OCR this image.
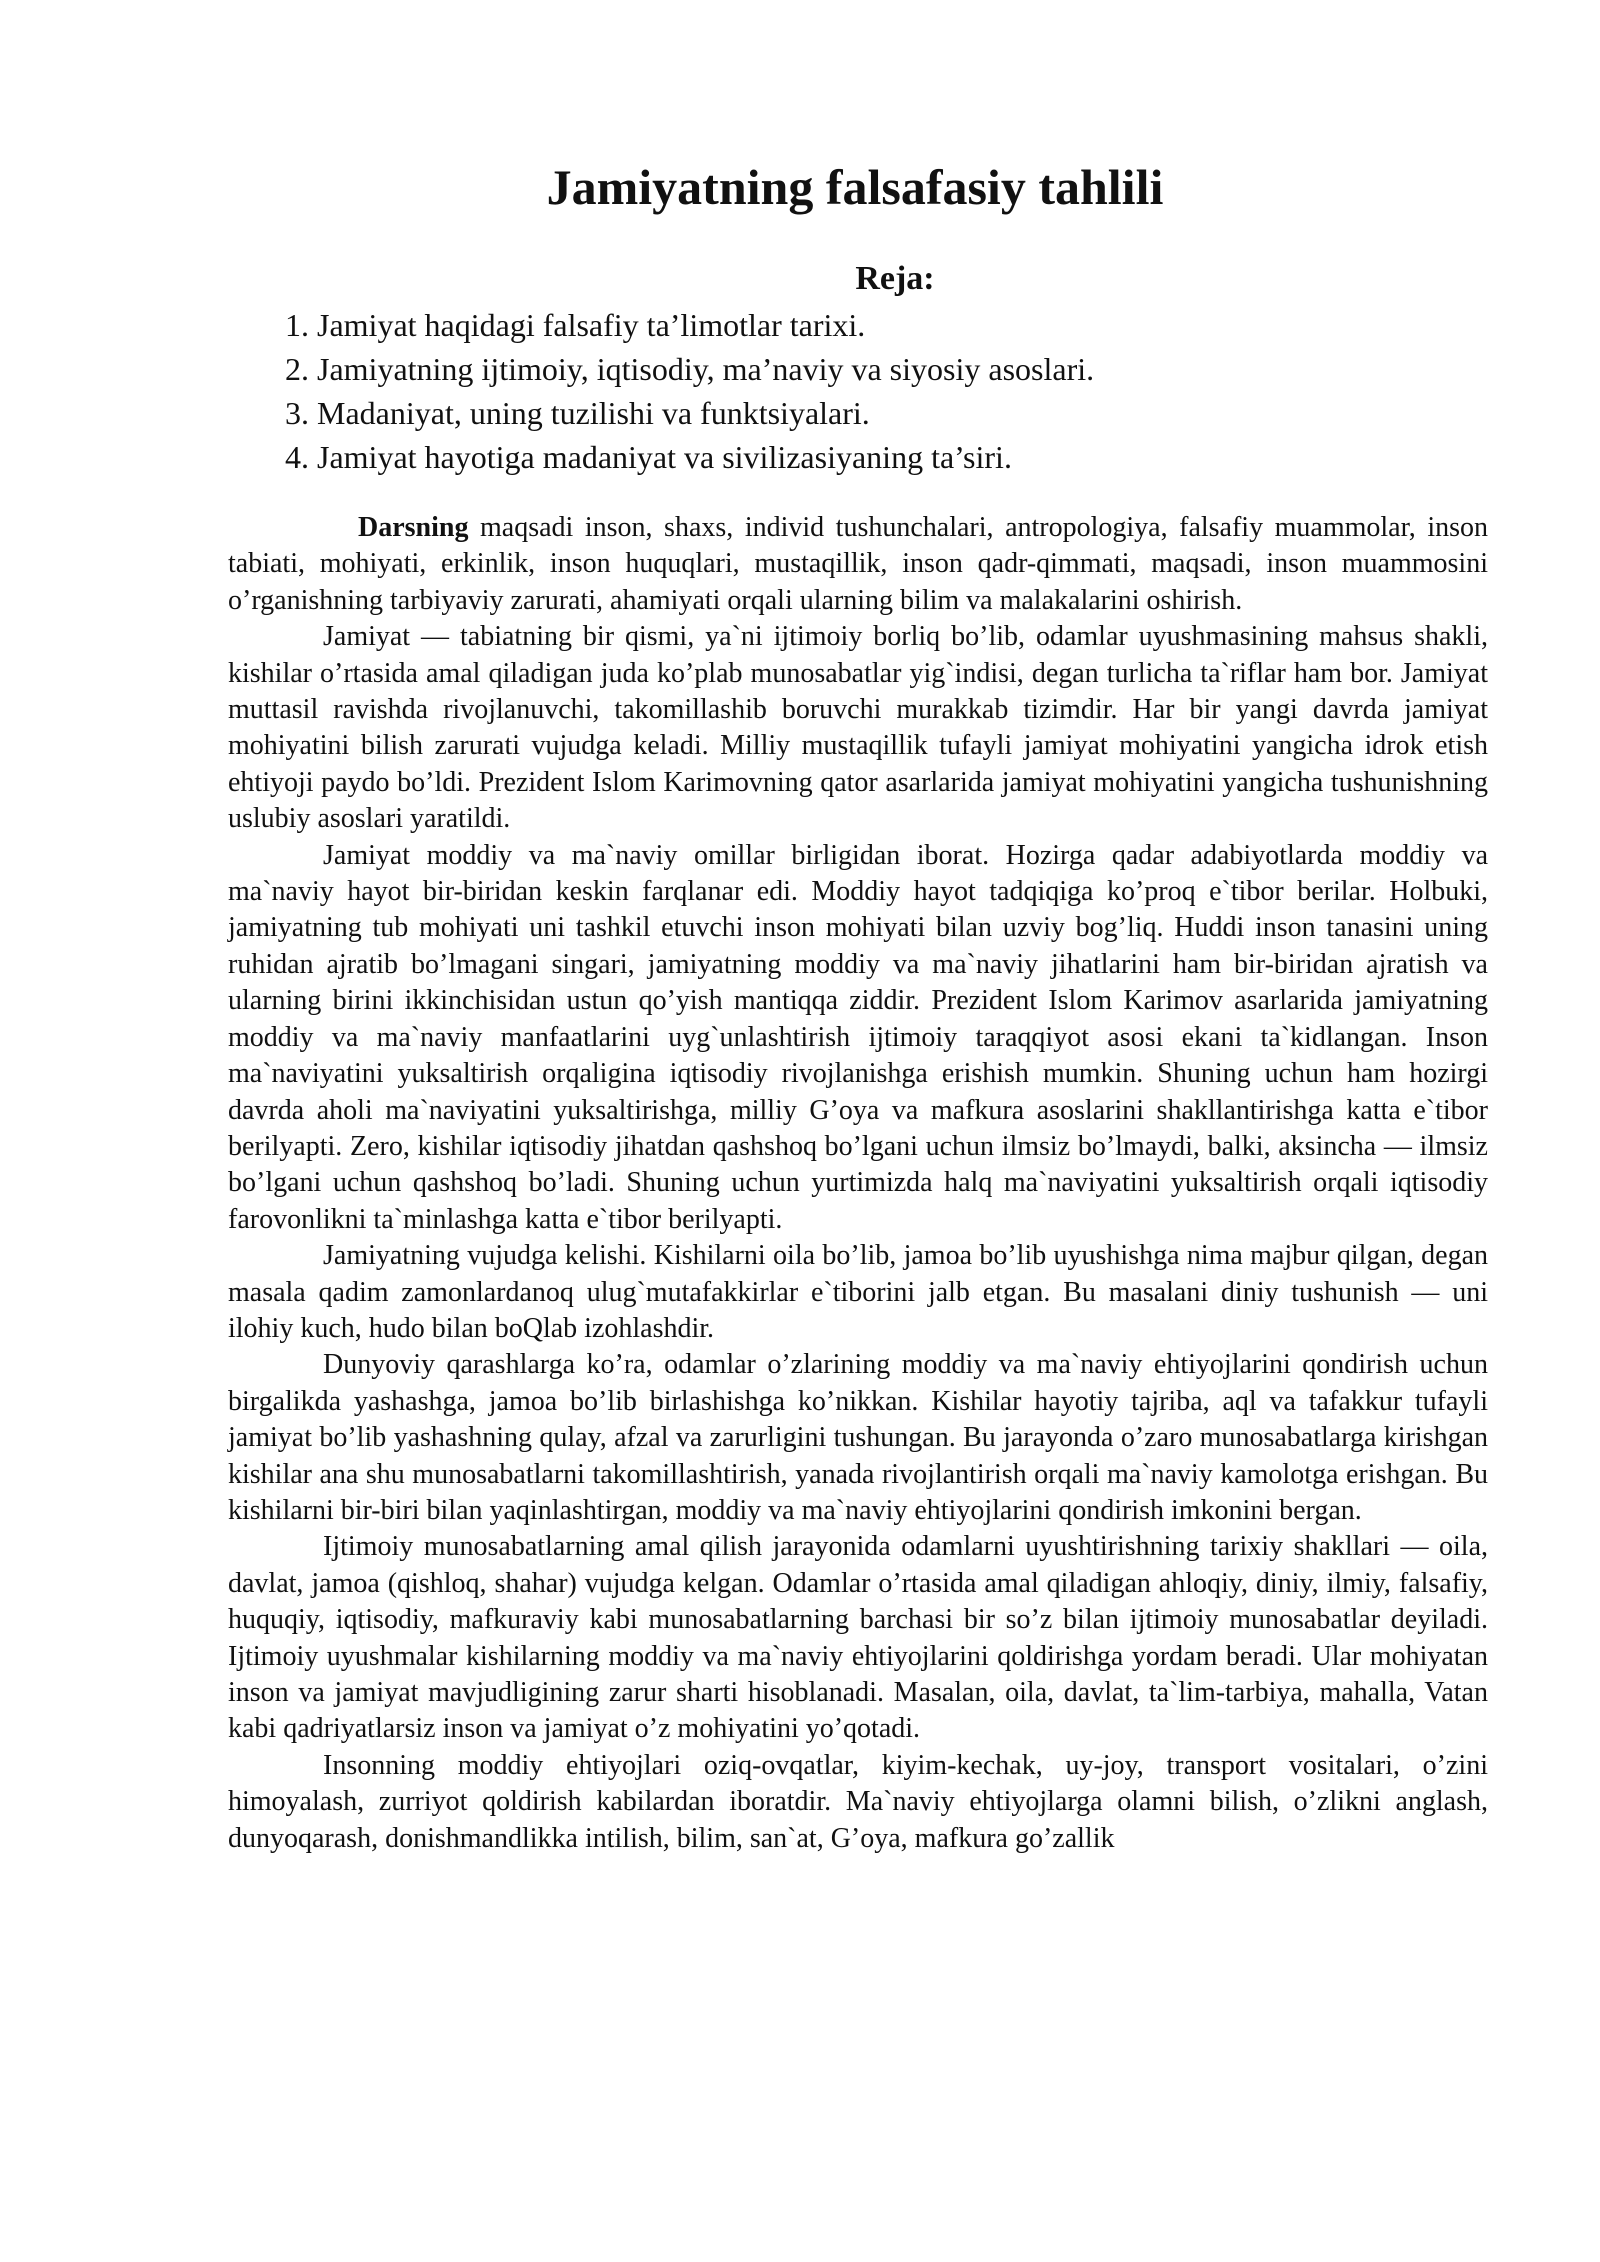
Jamiyatning falsafasiy tahlili
Reja:
1. Jamiyat haqidagi falsafiy ta’limotlar tarixi.
2. Jamiyatning ijtimoiy, iqtisodiy, ma’naviy va siyosiy asoslari.
3. Madaniyat, uning tuzilishi va funktsiyalari.
4. Jamiyat hayotiga madaniyat va sivilizasiyaning ta’siri.

Darsning maqsadi inson, shaxs, individ tushunchalari, antropologiya, falsafiy muammolar, inson tabiati, mohiyati, erkinlik, inson huquqlari, mustaqillik, inson qadr-qimmati, maqsadi, inson muammosini o’rganishning tarbiyaviy zarurati, ahamiyati orqali ularning bilim va malakalarini oshirish.

Jamiyat — tabiatning bir qismi, ya`ni ijtimoiy borliq bo’lib, odamlar uyushmasining mahsus shakli, kishilar o’rtasida amal qiladigan juda ko’plab munosabatlar yig`indisi, degan turlicha ta`riflar ham bor. Jamiyat muttasil ravishda rivojlanuvchi, takomillashib boruvchi murakkab tizimdir. Har bir yangi davrda jamiyat mohiyatini bilish zarurati vujudga keladi. Milliy mustaqillik tufayli jamiyat mohiyatini yangicha idrok etish ehtiyoji paydo bo’ldi. Prezident Islom Karimovning qator asarlarida jamiyat mohiyatini yangicha tushunishning uslubiy asoslari yaratildi.

Jamiyat moddiy va ma`naviy omillar birligidan iborat. Hozirga qadar adabiyotlarda moddiy va ma`naviy hayot bir-biridan keskin farqlanar edi. Moddiy hayot tadqiqiga ko’proq e`tibor berilar. Holbuki, jamiyatning tub mohiyati uni tashkil etuvchi inson mohiyati bilan uzviy bog’liq. Huddi inson tanasini uning ruhidan ajratib bo’lmagani singari, jamiyatning moddiy va ma`naviy jihatlarini ham bir-biridan ajratish va ularning birini ikkinchisidan ustun qo’yish mantiqqa ziddir. Prezident Islom Karimov asarlarida jamiyatning moddiy va ma`naviy manfaatlarini uyg`unlashtirish ijtimoiy taraqqiyot asosi ekani ta`kidlangan. Inson ma`naviyatini yuksaltirish orqaligina iqtisodiy rivojlanishga erishish mumkin. Shuning uchun ham hozirgi davrda aholi ma`naviyatini yuksaltirishga, milliy G’oya va mafkura asoslarini shakllantirishga katta e`tibor berilyapti. Zero, kishilar iqtisodiy jihatdan qashshoq bo’lgani uchun ilmsiz bo’lmaydi, balki, aksincha — ilmsiz bo’lgani uchun qashshoq bo’ladi. Shuning uchun yurtimizda halq ma`naviyatini yuksaltirish orqali iqtisodiy farovonlikni ta`minlashga katta e`tibor berilyapti.

Jamiyatning vujudga kelishi. Kishilarni oila bo’lib, jamoa bo’lib uyushishga nima majbur qilgan, degan masala qadim zamonlardanoq ulug`mutafakkirlar e`tiborini jalb etgan. Bu masalani diniy tushunish — uni ilohiy kuch, hudo bilan boQlab izohlashdir.

Dunyoviy qarashlarga ko’ra, odamlar o’zlarining moddiy va ma`naviy ehtiyojlarini qondirish uchun birgalikda yashashga, jamoa bo’lib birlashishga ko’nikkan. Kishilar hayotiy tajriba, aql va tafakkur tufayli jamiyat bo’lib yashashning qulay, afzal va zarurligini tushungan. Bu jarayonda o’zaro munosabatlarga kirishgan kishilar ana shu munosabatlarni takomillashtirish, yanada rivojlantirish orqali ma`naviy kamolotga erishgan. Bu kishilarni bir-biri bilan yaqinlashtirgan, moddiy va ma`naviy ehtiyojlarini qondirish imkonini bergan.

Ijtimoiy munosabatlarning amal qilish jarayonida odamlarni uyushtirishning tarixiy shakllari — oila, davlat, jamoa (qishloq, shahar) vujudga kelgan. Odamlar o’rtasida amal qiladigan ahloqiy, diniy, ilmiy, falsafiy, huquqiy, iqtisodiy, mafkuraviy kabi munosabatlarning barchasi bir so’z bilan ijtimoiy munosabatlar deyiladi. Ijtimoiy uyushmalar kishilarning moddiy va ma`naviy ehtiyojlarini qoldirishga yordam beradi. Ular mohiyatan inson va jamiyat mavjudligining zarur sharti hisoblanadi. Masalan, oila, davlat, ta`lim-tarbiya, mahalla, Vatan kabi qadriyatlarsiz inson va jamiyat o’z mohiyatini yo’qotadi.

Insonning moddiy ehtiyojlari oziq-ovqatlar, kiyim-kechak, uy-joy, transport vositalari, o’zini himoyalash, zurriyot qoldirish kabilardan iboratdir. Ma`naviy ehtiyojlarga olamni bilish, o’zlikni anglash, dunyoqarash, donishmandlikka intilish, bilim, san`at, G’oya, mafkura go’zallik
